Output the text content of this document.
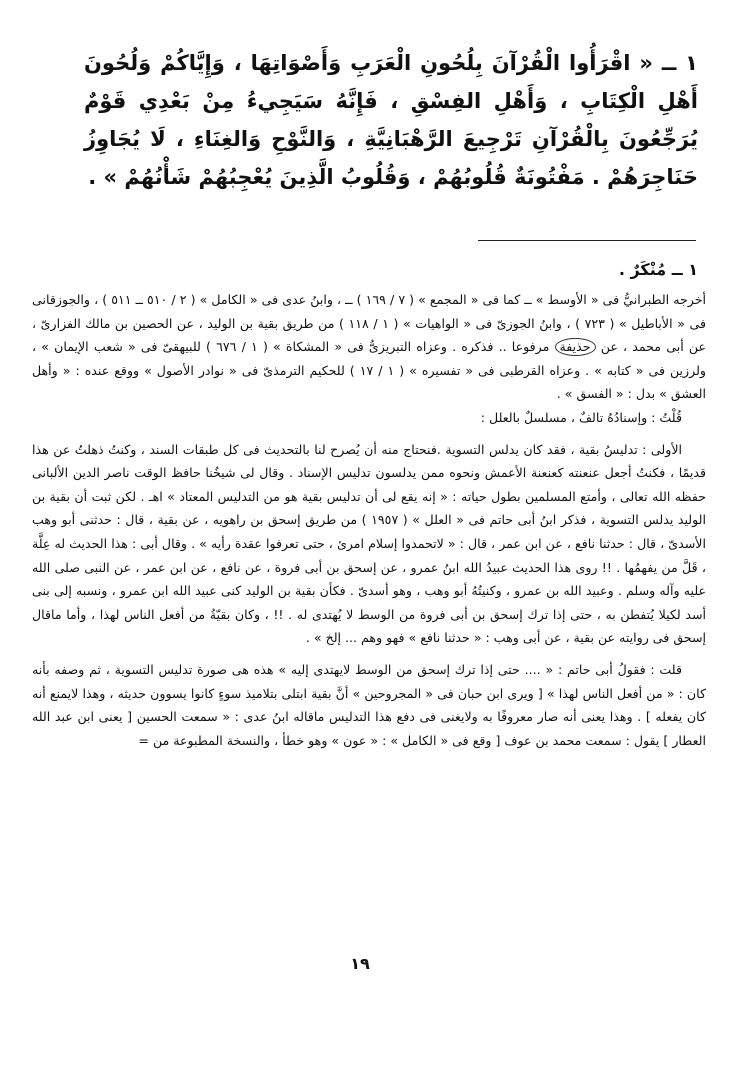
١ ــ « اقْرَأُوا الْقُرْآنَ بِلُحُونِ الْعَرَبِ وَأَصْوَاتِهَا ، وَإِيَّاكُمْ وَلُحُونَ أَهْلِ الْكِتَابِ ، وَأَهْلِ الفِسْقِ ، فَإِنَّهُ سَيَجِيءُ مِنْ بَعْدِي قَوْمٌ يُرَجِّعُونَ بِالْقُرْآنِ تَرْجِيعَ الرَّهْبَانِيَّةِ ، وَالنَّوْحِ وَالغِنَاءِ ، لَا يُجَاوِزُ حَنَاجِرَهُمْ . مَفْتُونَةٌ قُلُوبُهُمْ ، وَقُلُوبُ الَّذِينَ يُعْجِبُهُمْ شَأْنُهُمْ » .
١ ــ مُنْكَرٌ .

أخرجه الطبرانيُّ فى « الأوسط » ــ كما فى « المجمع » ( ٧ / ١٦٩ ) ــ ، وابنُ عدى فى « الكامل » ( ٢ / ٥١٠ ــ ٥١١ ) ، والجوزقانى فى « الأباطيل » ( ٧٢٣ ) ، وابنُ الجوزىّ فى « الواهيات » ( ١ / ١١٨ ) من طريق بقية بن الوليد ، عن الحصين بن مالك الفزارىّ ، عن أبى محمد ، عن حذيفة مرفوعا .. فذكره . وعزاه التبريزىُّ فى « المشكاة » ( ١ / ٦٧٦ ) للبيهقىّ فى « شعب الإيمان » ، ولرزين فى « كتابه » . وعزاه القرطبى فى « تفسيره » ( ١ / ١٧ ) للحكيم الترمذىّ فى « نوادر الأصول » ووقع عنده : « وأهل العشق » بدل : « الفسق » .

قُلْتُ : وإسنادُهُ تالفٌ ، مسلسلٌ بالعلل :

الأولى : تدليسُ بقية ، فقد كان يدلس التسوية .فنحتاج منه أن يُصرح لنا بالتحديث فى كل طبقات السند ، وكنتُ ذهلتُ عن هذا قديمًا ، فكنتُ أجعل عنعنته كعنعنة الأعمش ونحوه ممن يدلسون تدليس الإسناد . وقال لى شيخُنا حافظ الوقت ناصر الدين الألبانى حفظه الله تعالى ، وأمتع المسلمين بطول حياته : « إنه يقع لى أن تدليس بقية هو من التدليس المعتاد » اهـ . لكن ثبت أن بقية بن الوليد يدلس التسوية ، فذكر ابنُ أبى حاتم فى « العلل » ( ١٩٥٧ ) من طريق إسحق بن راهويه ، عن بقية ، قال : حدثنى أبو وهب الأسدىّ ، قال : حدثنا نافع ، عن ابن عمر ، قال : « لاتحمدوا إسلام امرئ ، حتى تعرفوا عقدة رأيه » . وقال أبى : هذا الحديث له عِلَّة ، قَلَّ من يفهمُها . !! روى هذا الحديث عبيدُ الله ابنُ عمرو ، عن إسحق بن أبى فروة ، عن نافع ، عن ابن عمر ، عن النبى صلى الله عليه وآله وسلم . وعبيد الله بن عمرو ، وكنيتُهُ أبو وهب ، وهو أسدىّ . فكأن بقية بن الوليد كنى عبيد الله ابن عمرو ، ونسبه إلى بنى أسد لكيلا يُتفطن به ، حتى إذا ترك إسحق بن أبى فروة من الوسط لا يُهتدى له . !! ، وكان بقيّةُ من أفعل الناس لهذا ، وأما ماقال إسحق فى روايته عن بقية ، عن أبى وهب : « حدثنا نافع » فهو وهم ... إلخ » .

قلت : فقولُ أبى حاتم : « .... حتى إذا ترك إسحق من الوسط لايهتدى إليه » هذه هى صورة تدليس التسوية ، ثم وصفه بأنه كان : « من أفعل الناس لهذا » [ ويرى ابن حبان فى « المجروحين » أنَّ بقية ابتلى بتلاميذ سوءٍ كانوا يسوون حديثه ، وهذا لايمنع أنه كان يفعله ] . وهذا يعنى أنه صار معروفًا به ولايغنى فى دفع هذا التدليس ماقاله ابنُ عدى : « سمعت الحسين [ يعنى ابن عبد الله العطار ] يقول : سمعت محمد بن عوف [ وقع فى « الكامل » : « عون » وهو خطأ ، والنسخة المطبوعة من =

١٩
